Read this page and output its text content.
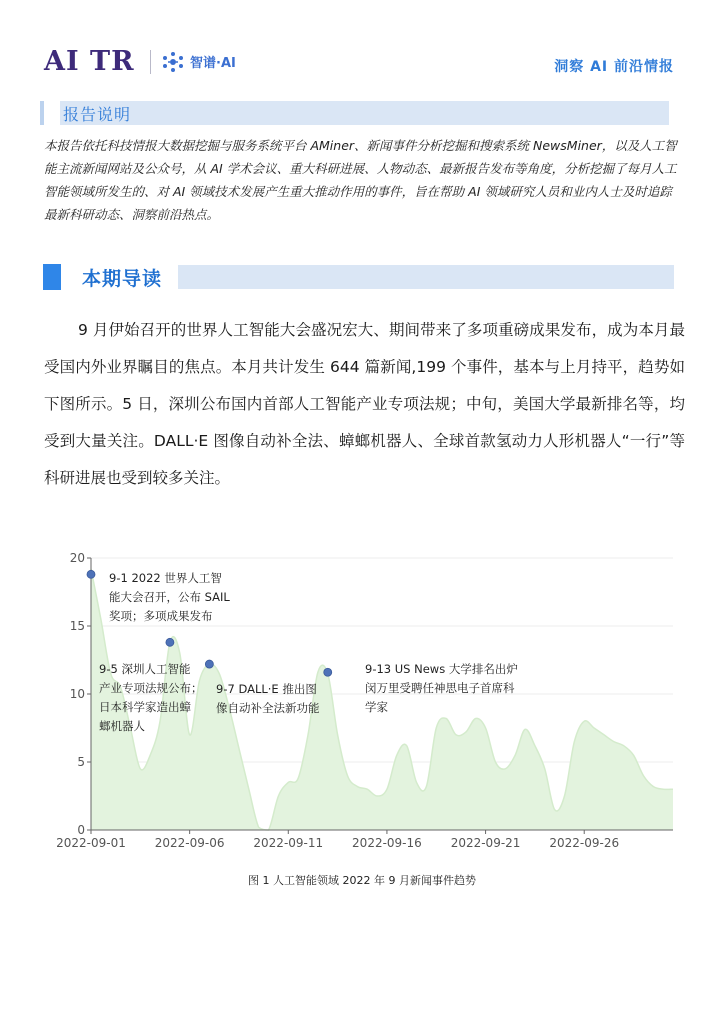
AI TR	智谱·AI	洞察 AI 前沿情报
报告说明
本报告依托科技情报大数据挖掘与服务系统平台 AMiner、新闻事件分析挖掘和搜索系统 NewsMiner，以及人工智能主流新闻网站及公众号，从 AI 学术会议、重大科研进展、人物动态、最新报告发布等角度，分析挖掘了每月人工智能领域所发生的、对 AI 领域技术发展产生重大推动作用的事件，旨在帮助 AI 领域研究人员和业内人士及时追踪最新科研动态、洞察前沿热点。
本期导读
9 月伊始召开的世界人工智能大会盛况宏大、期间带来了多项重磅成果发布，成为本月最受国内外业界瞩目的焦点。本月共计发生 644 篇新闻,199 个事件，基本与上月持平，趋势如下图所示。5 日，深圳公布国内首部人工智能产业专项法规；中旬，美国大学最新排名等，均受到大量关注。DALL·E 图像自动补全法、蟑螂机器人、全球首款氢动力人形机器人“一行”等科研进展也受到较多关注。
0
5
10
15
20
2022-09-01 2022-09-06 2022-09-11 2022-09-16 2022-09-21 2022-09-26
9-1 2022 世界人工智能大会召开，公布 SAIL 奖项；多项成果发布
9-5 深圳人工智能产业专项法规公布；日本科学家造出蟑螂机器人
9-7 DALL·E 推出图像自动补全法新功能
9-13 US News 大学排名出炉闵万里受聘任神思电子首席科学家
图 1 人工智能领域 2022 年 9 月新闻事件趋势
